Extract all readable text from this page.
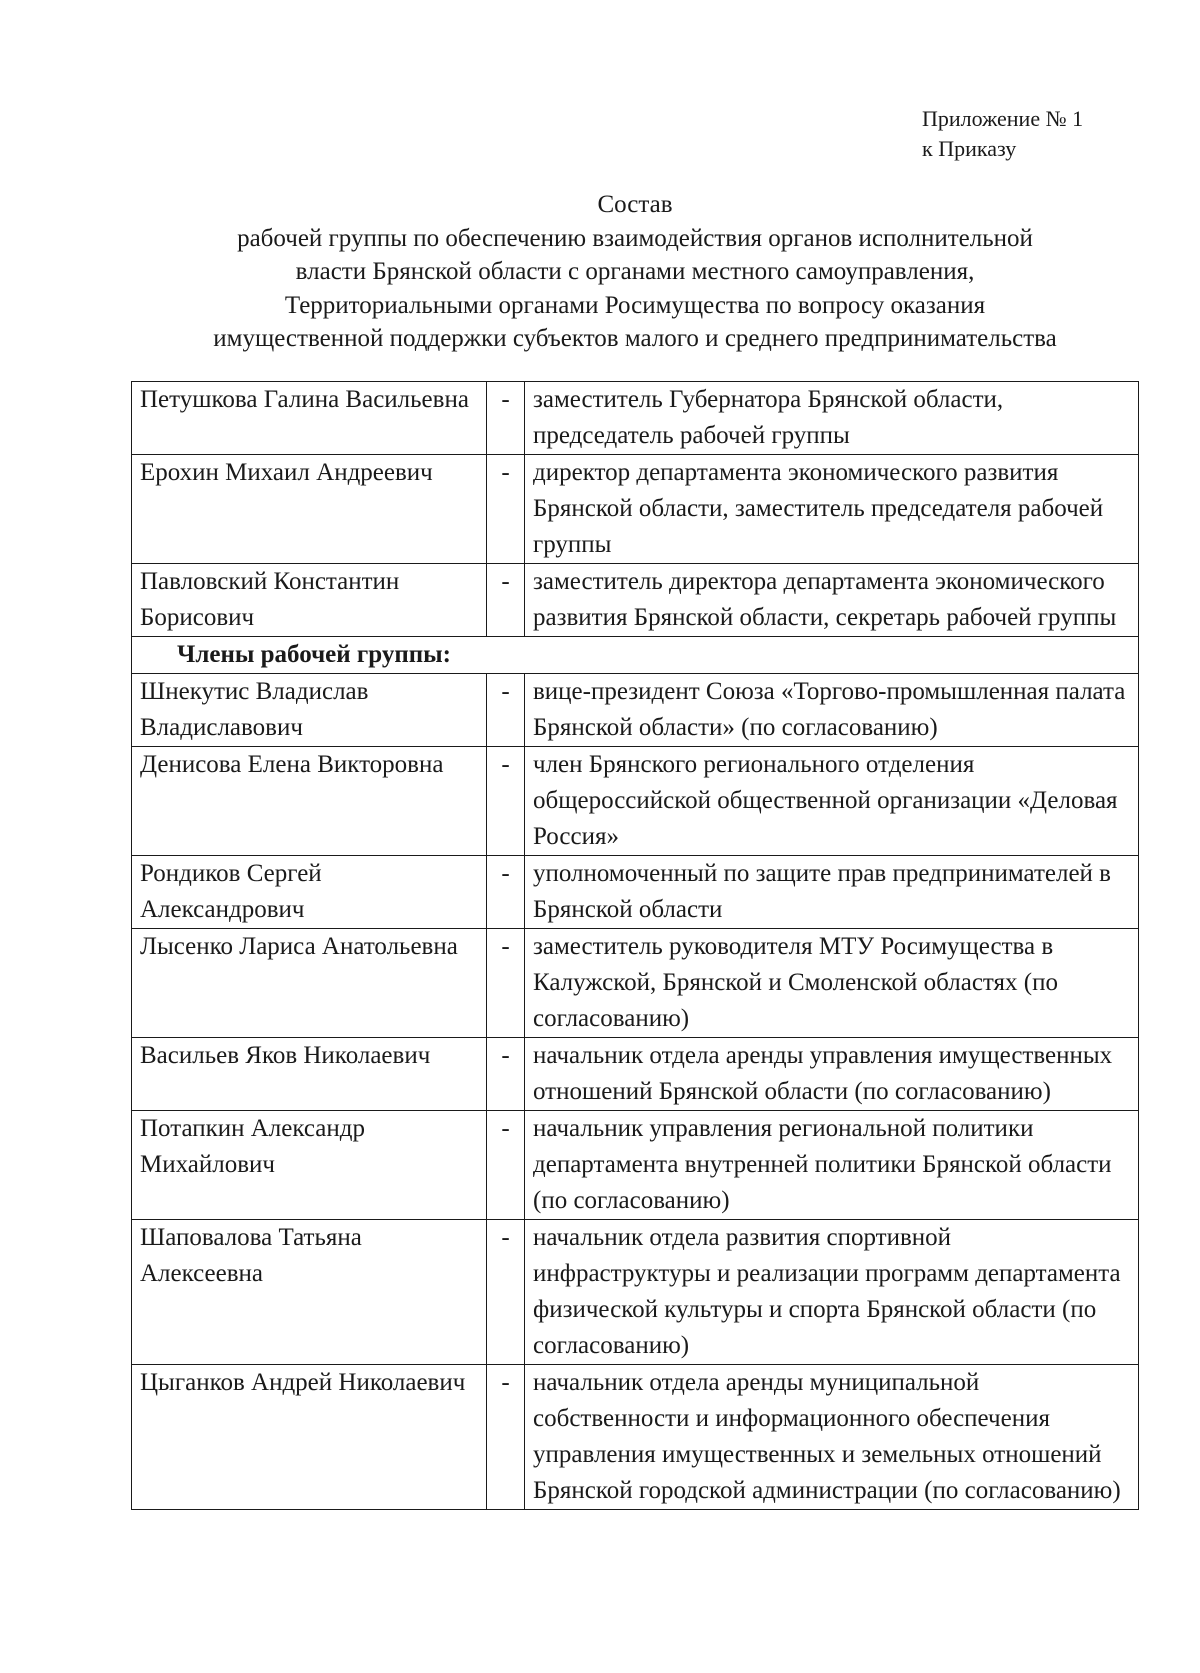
Приложение № 1
к Приказу
Состав
рабочей группы по обеспечению взаимодействия органов исполнительной
власти Брянской области с органами местного самоуправления,
Территориальными органами Росимущества по вопросу оказания
имущественной поддержки субъектов малого и среднего предпринимательства
Петушкова Галина Васильевна	-	заместитель Губернатора Брянской области, председатель рабочей группы
Ерохин Михаил Андреевич	-	директор департамента экономического развития Брянской области, заместитель председателя рабочей группы
Павловский Константин Борисович	-	заместитель директора департамента экономического развития Брянской области, секретарь рабочей группы
Члены рабочей группы:		
Шнекутис Владислав Владиславович	-	вице-президент Союза «Торгово-промышленная палата Брянской области» (по согласованию)
Денисова Елена Викторовна	-	член Брянского регионального отделения общероссийской общественной организации «Деловая Россия»
Рондиков Сергей Александрович	-	уполномоченный по защите прав предпринимателей в Брянской области
Лысенко Лариса Анатольевна	-	заместитель руководителя МТУ Росимущества в Калужской, Брянской и Смоленской областях (по согласованию)
Васильев Яков Николаевич	-	начальник отдела аренды управления имущественных отношений Брянской области (по согласованию)
Потапкин Александр Михайлович	-	начальник управления региональной политики департамента внутренней политики Брянской области (по согласованию)
Шаповалова Татьяна Алексеевна	-	начальник отдела развития спортивной инфраструктуры и реализации программ департамента физической культуры и спорта Брянской области (по согласованию)
Цыганков Андрей Николаевич	-	начальник отдела аренды муниципальной собственности и информационного обеспечения управления имущественных и земельных отношений Брянской городской администрации (по согласованию)
